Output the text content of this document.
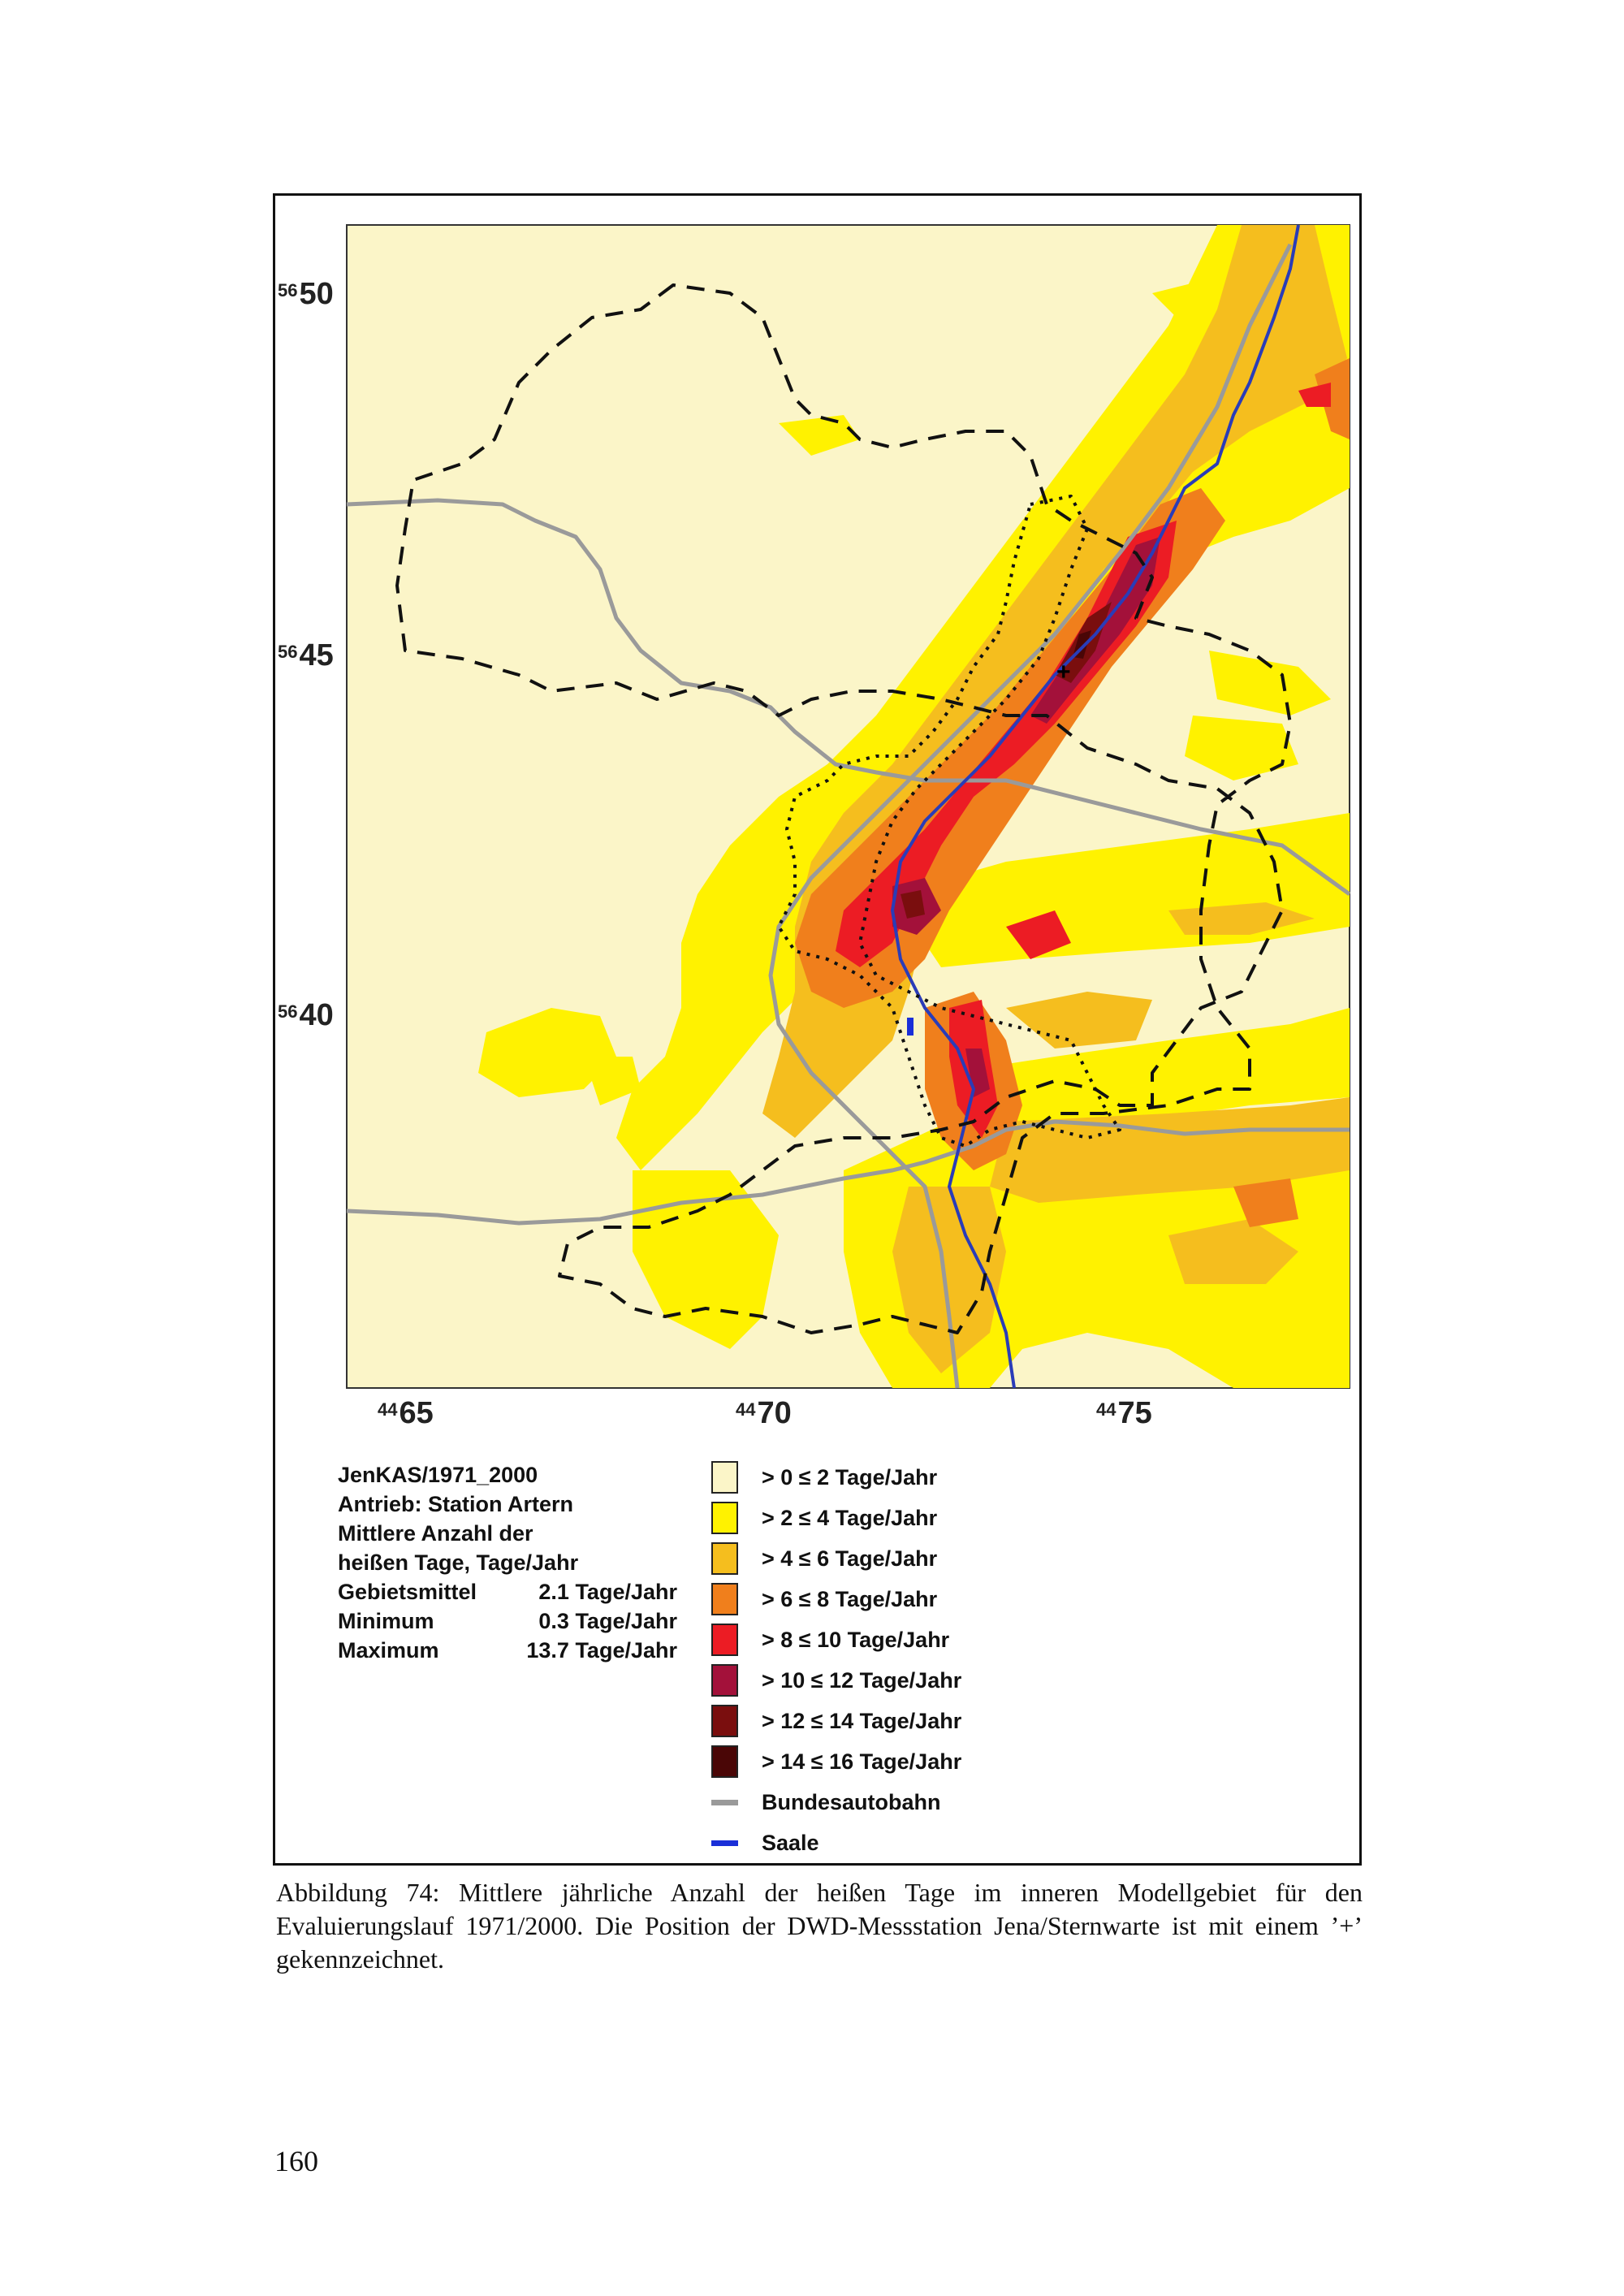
+
5650
5645
5640
4465	4470	4475
JenKAS/1971_2000
Antrieb: Station Artern
Mittlere Anzahl der
heißen Tage, Tage/Jahr
Gebietsmittel	2.1 Tage/Jahr
Minimum	0.3 Tage/Jahr
Maximum	13.7 Tage/Jahr
> 0 ≤ 2 Tage/Jahr
> 2 ≤ 4 Tage/Jahr
> 4 ≤ 6 Tage/Jahr
> 6 ≤ 8 Tage/Jahr
> 8 ≤ 10 Tage/Jahr
> 10 ≤ 12 Tage/Jahr
> 12 ≤ 14 Tage/Jahr
> 14 ≤ 16 Tage/Jahr
Bundesautobahn
Saale
Abbildung 74: Mittlere jährliche Anzahl der heißen Tage im inneren Modellgebiet für den Evaluierungslauf 1971/2000. Die Position der DWD-Messstation Jena/Sternwarte ist mit einem ’+’ gekennzeichnet.
160
